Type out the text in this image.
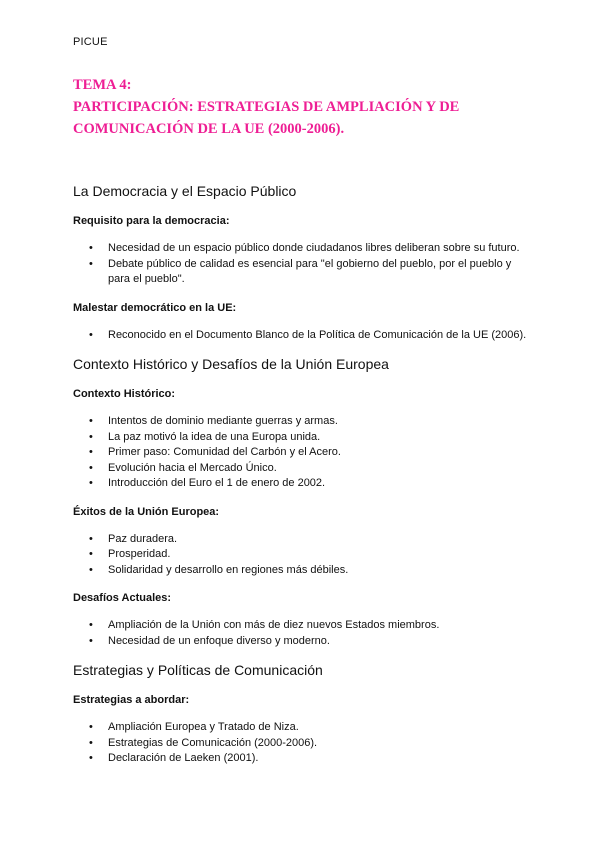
PICUE
TEMA 4:
PARTICIPACIÓN: ESTRATEGIAS DE AMPLIACIÓN Y DE
COMUNICACIÓN DE LA UE (2000-2006).
La Democracia y el Espacio Público
Requisito para la democracia:
• Necesidad de un espacio público donde ciudadanos libres deliberan sobre su futuro.
• Debate público de calidad es esencial para "el gobierno del pueblo, por el pueblo y para el pueblo".
Malestar democrático en la UE:
• Reconocido en el Documento Blanco de la Política de Comunicación de la UE (2006).
Contexto Histórico y Desafíos de la Unión Europea
Contexto Histórico:
• Intentos de dominio mediante guerras y armas.
• La paz motivó la idea de una Europa unida.
• Primer paso: Comunidad del Carbón y el Acero.
• Evolución hacia el Mercado Único.
• Introducción del Euro el 1 de enero de 2002.
Éxitos de la Unión Europea:
• Paz duradera.
• Prosperidad.
• Solidaridad y desarrollo en regiones más débiles.
Desafíos Actuales:
• Ampliación de la Unión con más de diez nuevos Estados miembros.
• Necesidad de un enfoque diverso y moderno.
Estrategias y Políticas de Comunicación
Estrategias a abordar:
• Ampliación Europea y Tratado de Niza.
• Estrategias de Comunicación (2000-2006).
• Declaración de Laeken (2001).
